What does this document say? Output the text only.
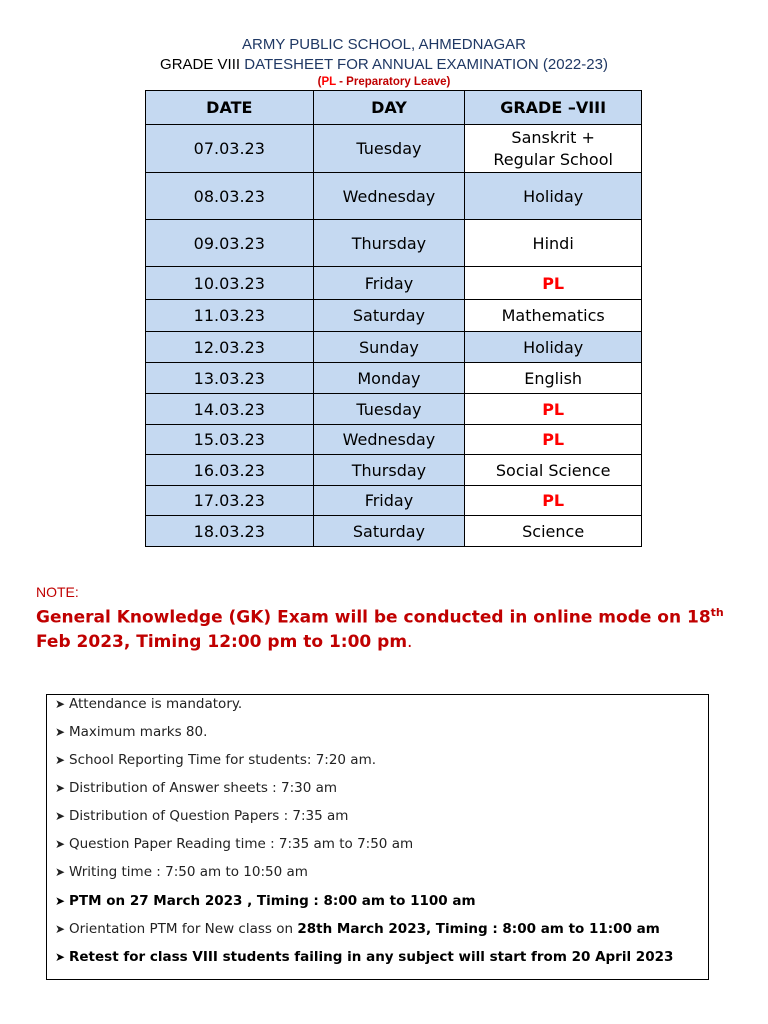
ARMY PUBLIC SCHOOL, AHMEDNAGAR
GRADE VIII DATESHEET FOR ANNUAL EXAMINATION (2022-23)
(PL - Preparatory Leave)
DATE	DAY	GRADE –VIII
07.03.23	Tuesday	Sanskrit +
Regular School
08.03.23	Wednesday	Holiday
09.03.23	Thursday	Hindi
10.03.23	Friday	PL
11.03.23	Saturday	Mathematics
12.03.23	Sunday	Holiday
13.03.23	Monday	English
14.03.23	Tuesday	PL
15.03.23	Wednesday	PL
16.03.23	Thursday	Social Science
17.03.23	Friday	PL
18.03.23	Saturday	Science
NOTE:
General Knowledge (GK) Exam will be conducted in online mode on 18th Feb 2023, Timing 12:00 pm to 1:00 pm.
➤ Attendance is mandatory.
➤ Maximum marks 80.
➤ School Reporting Time for students: 7:20 am.
➤ Distribution of Answer sheets : 7:30 am
➤ Distribution of Question Papers : 7:35 am
➤ Question Paper Reading time : 7:35 am to 7:50 am
➤ Writing time : 7:50 am to 10:50 am
➤ PTM on 27 March 2023 , Timing : 8:00 am to 1100 am
➤ Orientation PTM for New class on 28th March 2023, Timing : 8:00 am to 11:00 am
➤ Retest for class VIII students failing in any subject will start from 20 April 2023
